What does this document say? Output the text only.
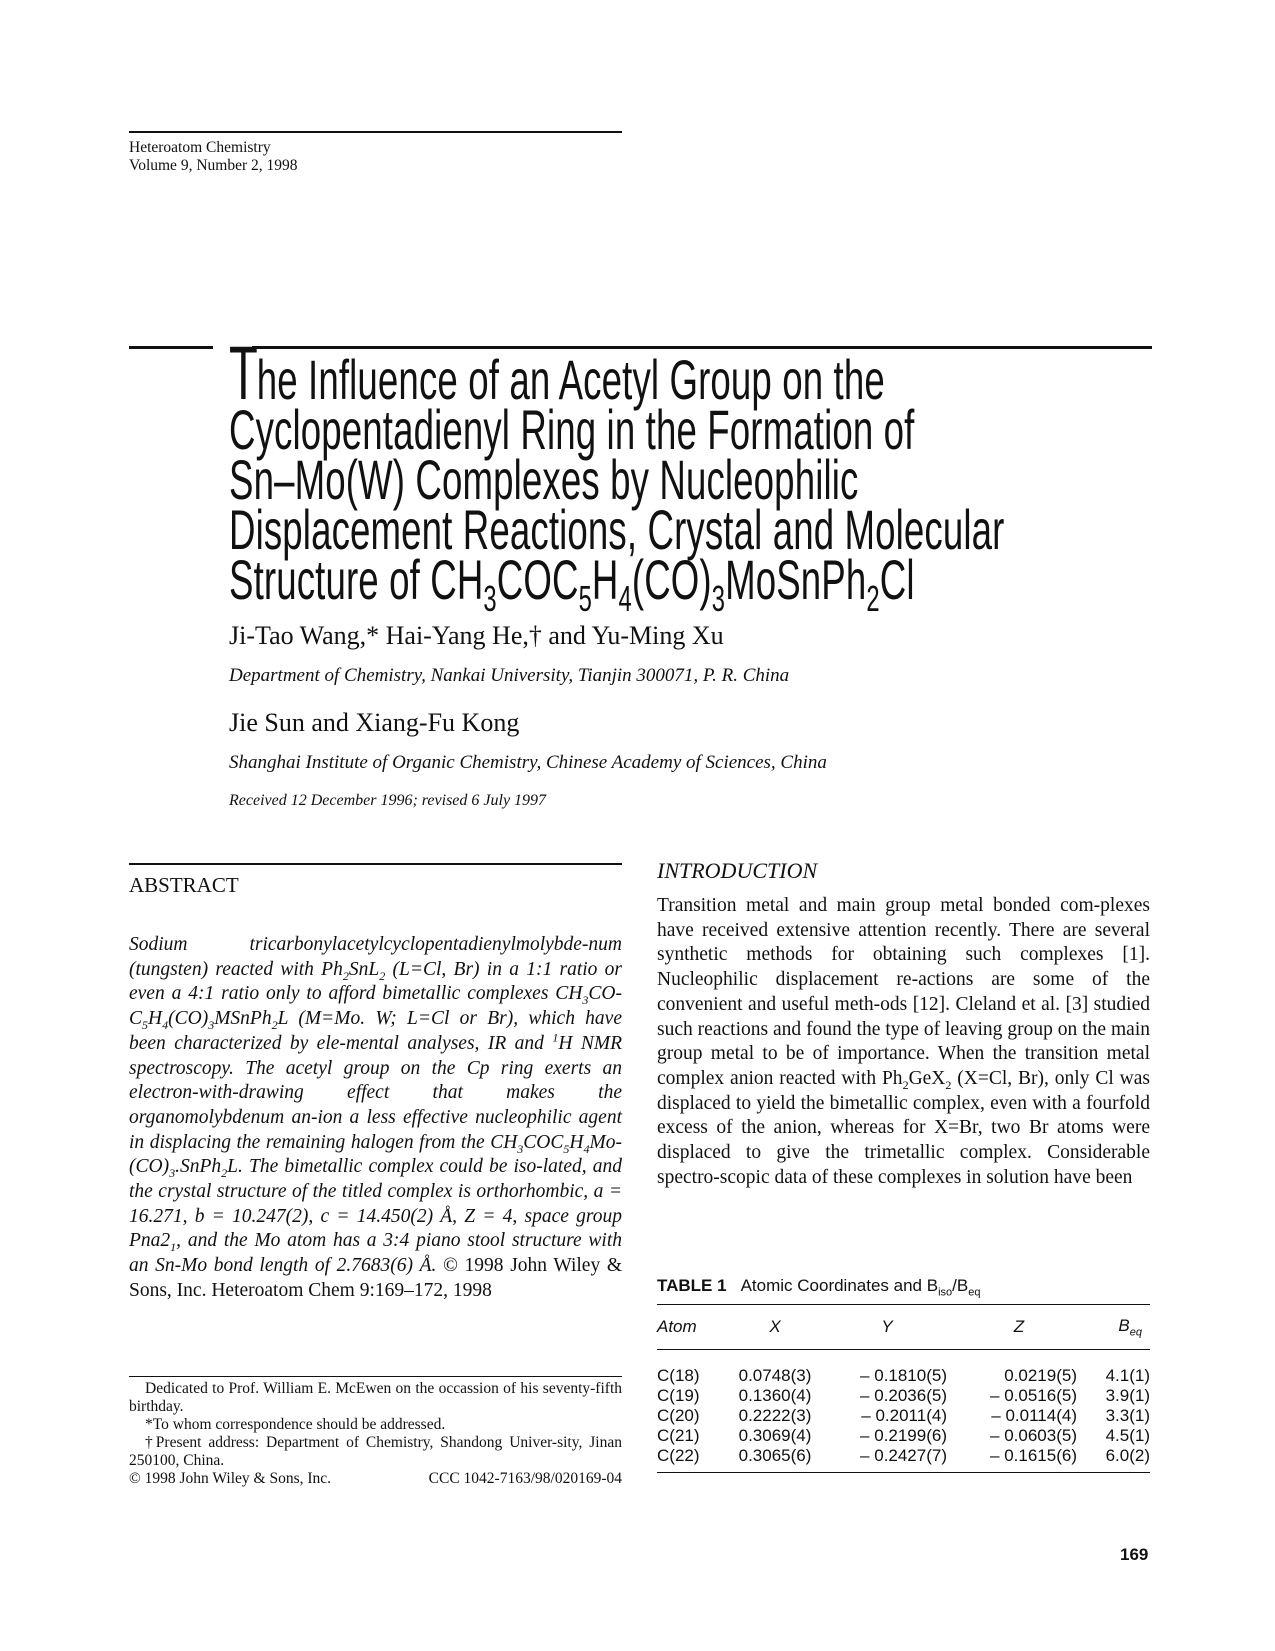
Heteroatom Chemistry
Volume 9, Number 2, 1998
T
he Influence of an Acetyl Group on the
Cyclopentadienyl Ring in the Formation of
Sn–Mo(W) Complexes by Nucleophilic
Displacement Reactions, Crystal and Molecular
Structure of $CH_3COC_5H_4(CO)_3MoSnPh_2Cl$
Ji-Tao Wang,* Hai-Yang He,† and Yu-Ming Xu
Department of Chemistry, Nankai University, Tianjin 300071, P. R. China
Jie Sun and Xiang-Fu Kong
Shanghai Institute of Organic Chemistry, Chinese Academy of Sciences, China
Received 12 December 1996; revised 6 July 1997
ABSTRACT
Sodium tricarbonylacetylcyclopentadienylmolybde-num (tungsten) reacted with $Ph_2SnL_2$ (L=Cl, Br) in a 1:1 ratio or even a 4:1 ratio only to afford bimetallic complexes $CH_3CO-C_5H_4(CO)_3MSnPh_2L$ (M=Mo. W; L=Cl or Br), which have been characterized by ele-mental analyses, IR and $^1$H NMR spectroscopy. The acetyl group on the Cp ring exerts an electron-with-drawing effect that makes the organomolybdenum an-ion a less effective nucleophilic agent in displacing the remaining halogen from the $CH_3COC_5H_4Mo-(CO)_3.SnPh_2L$. The bimetallic complex could be iso-lated, and the crystal structure of the titled complex is orthorhombic, a = 16.271, b = 10.247(2), c = 14.450(2) Å, Z = 4, space group $Pna2_1$, and the Mo atom has a 3:4 piano stool structure with an Sn-Mo bond length of 2.7683(6) Å. © 1998 John Wiley & Sons, Inc. Heteroatom Chem 9:169–172, 1998

Dedicated to Prof. William E. McEwen on the occassion of his seventy-fifth birthday.

*To whom correspondence should be addressed.

†Present address: Department of Chemistry, Shandong Univer-sity, Jinan 250100, China.

© 1998 John Wiley & Sons, Inc.	CCC 1042-7163/98/020169-04

INTRODUCTION
Transition metal and main group metal bonded com-plexes have received extensive attention recently. There are several synthetic methods for obtaining such complexes [1]. Nucleophilic displacement re-actions are some of the convenient and useful meth-ods [12]. Cleland et al. [3] studied such reactions and found the type of leaving group on the main group metal to be of importance. When the transition metal complex anion reacted with $Ph_2GeX_2$ (X=Cl, Br), only Cl was displaced to yield the bimetallic complex, even with a fourfold excess of the anion, whereas for X=Br, two Br atoms were displaced to give the trimetallic complex. Considerable spectro-scopic data of these complexes in solution have been
TABLE 1 Atomic Coordinates and $B_{iso}/B_{eq}$
Atom	X	Y	Z	$B_{eq}$
C(18)	0.0748(3)	– 0.1810(5)	0.0219(5)	4.1(1)
C(19)	0.1360(4)	– 0.2036(5)	– 0.0516(5)	3.9(1)
C(20)	0.2222(3)	– 0.2011(4)	– 0.0114(4)	3.3(1)
C(21)	0.3069(4)	– 0.2199(6)	– 0.0603(5)	4.5(1)
C(22)	0.3065(6)	– 0.2427(7)	– 0.1615(6)	6.0(2)
169
